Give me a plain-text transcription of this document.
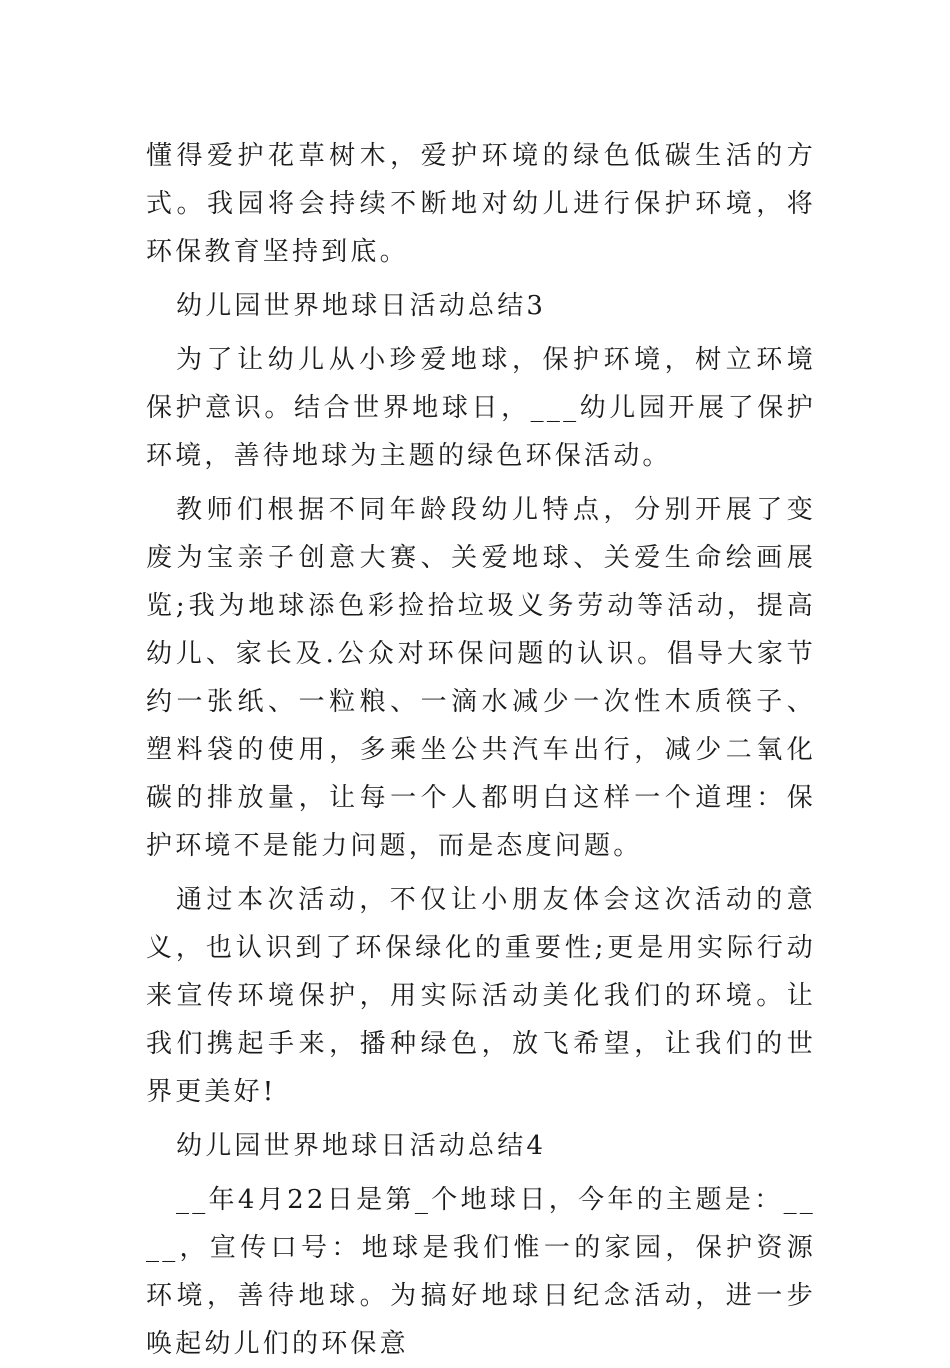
懂得爱护花草树木，爱护环境的绿色低碳生活的方式。我园将会持续不断地对幼儿进行保护环境，将环保教育坚持到底。

幼儿园世界地球日活动总结3

为了让幼儿从小珍爱地球，保护环境，树立环境保护意识。结合世界地球日，___幼儿园开展了保护环境，善待地球为主题的绿色环保活动。

教师们根据不同年龄段幼儿特点，分别开展了变废为宝亲子创意大赛、关爱地球、关爱生命绘画展览;我为地球添色彩捡拾垃圾义务劳动等活动，提高幼儿、家长及.公众对环保问题的认识。倡导大家节约一张纸、一粒粮、一滴水减少一次性木质筷子、塑料袋的使用，多乘坐公共汽车出行，减少二氧化碳的排放量，让每一个人都明白这样一个道理：保护环境不是能力问题，而是态度问题。

通过本次活动，不仅让小朋友体会这次活动的意义，也认识到了环保绿化的重要性;更是用实际行动来宣传环境保护，用实际活动美化我们的环境。让我们携起手来，播种绿色，放飞希望，让我们的世界更美好!

幼儿园世界地球日活动总结4

__年4月22日是第_个地球日，今年的主题是：____，宣传口号：地球是我们惟一的家园，保护资源环境，善待地球。为搞好地球日纪念活动，进一步唤起幼儿们的环保意
